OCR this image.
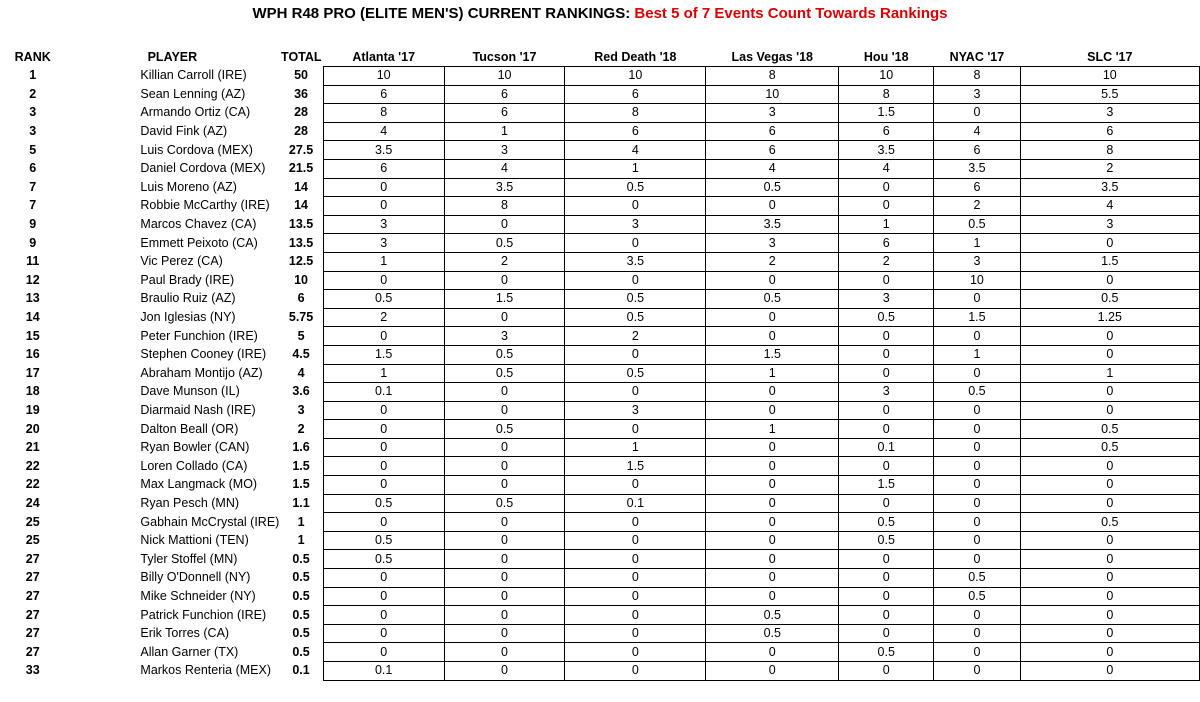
WPH R48 PRO (ELITE MEN'S) CURRENT RANKINGS: Best 5 of 7 Events Count Towards Rankings
RANK	PLAYER	TOTAL	Atlanta '17	Tucson '17	Red Death '18	Las Vegas '18	Hou '18	NYAC '17	SLC '17
1	Killian Carroll (IRE)	50	10	10	10	8	10	8	10
2	Sean Lenning (AZ)	36	6	6	6	10	8	3	5.5
3	Armando Ortiz (CA)	28	8	6	8	3	1.5	0	3
3	David Fink (AZ)	28	4	1	6	6	6	4	6
5	Luis Cordova (MEX)	27.5	3.5	3	4	6	3.5	6	8
6	Daniel Cordova (MEX)	21.5	6	4	1	4	4	3.5	2
7	Luis Moreno (AZ)	14	0	3.5	0.5	0.5	0	6	3.5
7	Robbie McCarthy (IRE)	14	0	8	0	0	0	2	4
9	Marcos Chavez (CA)	13.5	3	0	3	3.5	1	0.5	3
9	Emmett Peixoto (CA)	13.5	3	0.5	0	3	6	1	0
11	Vic Perez (CA)	12.5	1	2	3.5	2	2	3	1.5
12	Paul Brady (IRE)	10	0	0	0	0	0	10	0
13	Braulio Ruiz (AZ)	6	0.5	1.5	0.5	0.5	3	0	0.5
14	Jon Iglesias (NY)	5.75	2	0	0.5	0	0.5	1.5	1.25
15	Peter Funchion (IRE)	5	0	3	2	0	0	0	0
16	Stephen Cooney (IRE)	4.5	1.5	0.5	0	1.5	0	1	0
17	Abraham Montijo (AZ)	4	1	0.5	0.5	1	0	0	1
18	Dave Munson (IL)	3.6	0.1	0	0	0	3	0.5	0
19	Diarmaid Nash (IRE)	3	0	0	3	0	0	0	0
20	Dalton Beall (OR)	2	0	0.5	0	1	0	0	0.5
21	Ryan Bowler (CAN)	1.6	0	0	1	0	0.1	0	0.5
22	Loren Collado (CA)	1.5	0	0	1.5	0	0	0	0
22	Max Langmack (MO)	1.5	0	0	0	0	1.5	0	0
24	Ryan Pesch (MN)	1.1	0.5	0.5	0.1	0	0	0	0
25	Gabhain McCrystal (IRE)	1	0	0	0	0	0.5	0	0.5
25	Nick Mattioni (TEN)	1	0.5	0	0	0	0.5	0	0
27	Tyler Stoffel (MN)	0.5	0.5	0	0	0	0	0	0
27	Billy O'Donnell (NY)	0.5	0	0	0	0	0	0.5	0
27	Mike Schneider (NY)	0.5	0	0	0	0	0	0.5	0
27	Patrick Funchion (IRE)	0.5	0	0	0	0.5	0	0	0
27	Erik Torres (CA)	0.5	0	0	0	0.5	0	0	0
27	Allan Garner (TX)	0.5	0	0	0	0	0.5	0	0
33	Markos Renteria (MEX)	0.1	0.1	0	0	0	0	0	0
